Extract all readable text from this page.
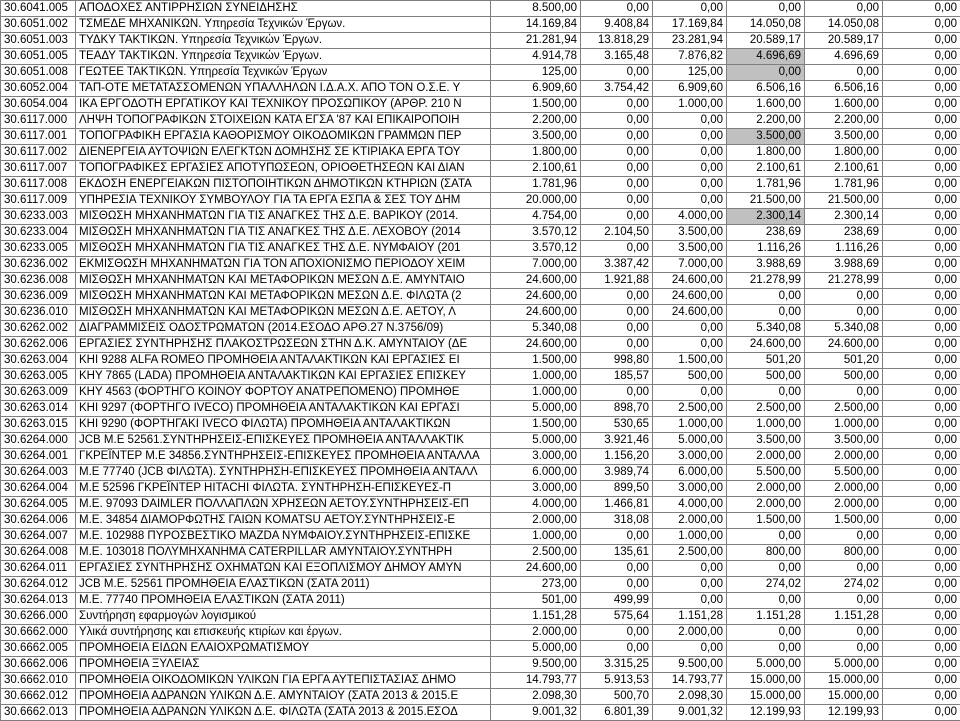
30.6041.005	ΑΠΟΔΟΧΕΣ ΑΝΤΙΡΡΗΣΙΩΝ ΣΥΝΕΙΔΗΣΗΣ	8.500,00	0,00	0,00	0,00	0,00	0,00
30.6051.002	ΤΣΜΕΔΕ ΜΗΧΑΝΙΚΩΝ. Υπηρεσία Τεχνικών Έργων.	14.169,84	9.408,84	17.169,84	14.050,08	14.050,08	0,00
30.6051.003	ΤΥΔΚΥ ΤΑΚΤΙΚΩΝ. Υπηρεσία Τεχνικών Έργων.	21.281,94	13.818,29	23.281,94	20.589,17	20.589,17	0,00
30.6051.005	ΤΕΑΔΥ ΤΑΚΤΙΚΩΝ. Υπηρεσία Τεχνικών Έργων.	4.914,78	3.165,48	7.876,82	4.696,69	4.696,69	0,00
30.6051.008	ΓΕΩΤΕΕ ΤΑΚΤΙΚΩΝ. Υπηρεσία Τεχνικών Έργων	125,00	0,00	125,00	0,00	0,00	0,00
30.6052.004	ΤΑΠ-ΟΤΕ ΜΕΤΑΤΑΣΣΟΜΕΝΩΝ ΥΠΑΛΛΗΛΩΝ Ι.Δ.Α.Χ. ΑΠΟ ΤΟΝ Ο.Σ.Ε. Υ	6.909,60	3.754,42	6.909,60	6.506,16	6.506,16	0,00
30.6054.004	ΙΚΑ ΕΡΓΟΔΟΤΗ ΕΡΓΑΤΙΚΟΥ ΚΑΙ ΤΕΧΝΙΚΟΥ ΠΡΟΣΩΠΙΚΟΥ (ΑΡΘΡ. 210 Ν	1.500,00	0,00	1.000,00	1.600,00	1.600,00	0,00
30.6117.000	ΛΗΨΗ ΤΟΠΟΓΡΑΦΙΚΩΝ ΣΤΟΙΧΕΙΩΝ ΚΑΤΑ ΕΓΣΑ '87 ΚΑΙ ΕΠΙΚΑΙΡΟΠΟΙΗ	2.200,00	0,00	0,00	2.200,00	2.200,00	0,00
30.6117.001	ΤΟΠΟΓΡΑΦΙΚΗ ΕΡΓΑΣΙΑ ΚΑΘΟΡΙΣΜΟΥ ΟΙΚΟΔΟΜΙΚΩΝ ΓΡΑΜΜΩΝ ΠΕΡ	3.500,00	0,00	0,00	3.500,00	3.500,00	0,00
30.6117.002	ΔΙΕΝΕΡΓΕΙΑ ΑΥΤΟΨΙΩΝ ΕΛΕΓΚΤΩΝ ΔΟΜΗΣΗΣ ΣΕ ΚΤΙΡΙΑΚΑ ΕΡΓΑ ΤΟΥ	1.800,00	0,00	0,00	1.800,00	1.800,00	0,00
30.6117.007	ΤΟΠΟΓΡΑΦΙΚΕΣ ΕΡΓΑΣΙΕΣ ΑΠΟΤΥΠΩΣΕΩΝ, ΟΡΙΟΘΕΤΗΣΕΩΝ ΚΑΙ ΔΙΑΝ	2.100,61	0,00	0,00	2.100,61	2.100,61	0,00
30.6117.008	ΕΚΔΟΣΗ ΕΝΕΡΓΕΙΑΚΩΝ ΠΙΣΤΟΠΟΙΗΤΙΚΩΝ ΔΗΜΟΤΙΚΩΝ ΚΤΗΡΙΩΝ (ΣΑΤΑ	1.781,96	0,00	0,00	1.781,96	1.781,96	0,00
30.6117.009	ΥΠΗΡΕΣΙΑ ΤΕΧΝΙΚΟΥ ΣΥΜΒΟΥΛΟΥ ΓΙΑ ΤΑ ΕΡΓΑ ΕΣΠΑ & ΣΕΣ ΤΟΥ ΔΗΜ	20.000,00	0,00	0,00	21.500,00	21.500,00	0,00
30.6233.003	ΜΙΣΘΩΣΗ ΜΗΧΑΝΗΜΑΤΩΝ ΓΙΑ ΤΙΣ ΑΝΑΓΚΕΣ ΤΗΣ Δ.Ε. ΒΑΡΙΚΟΥ (2014.	4.754,00	0,00	4.000,00	2.300,14	2.300,14	0,00
30.6233.004	ΜΙΣΘΩΣΗ ΜΗΧΑΝΗΜΑΤΩΝ ΓΙΑ ΤΙΣ ΑΝΑΓΚΕΣ ΤΗΣ Δ.Ε. ΛΕΧΟΒΟΥ (2014	3.570,12	2.104,50	3.500,00	238,69	238,69	0,00
30.6233.005	ΜΙΣΘΩΣΗ ΜΗΧΑΝΗΜΑΤΩΝ ΓΙΑ ΤΙΣ ΑΝΑΓΚΕΣ ΤΗΣ Δ.Ε. ΝΥΜΦΑΙΟΥ (201	3.570,12	0,00	3.500,00	1.116,26	1.116,26	0,00
30.6236.002	ΕΚΜΙΣΘΩΣΗ ΜΗΧΑΝΗΜΑΤΩΝ ΓΙΑ ΤΟΝ ΑΠΟΧΙΟΝΙΣΜΟ ΠΕΡΙΟΔΟΥ ΧΕΙΜ	7.000,00	3.387,42	7.000,00	3.988,69	3.988,69	0,00
30.6236.008	ΜΙΣΘΩΣΗ ΜΗΧΑΝΗΜΑΤΩΝ ΚΑΙ ΜΕΤΑΦΟΡΙΚΩΝ ΜΕΣΩΝ Δ.Ε. ΑΜΥΝΤΑΙΟ	24.600,00	1.921,88	24.600,00	21.278,99	21.278,99	0,00
30.6236.009	ΜΙΣΘΩΣΗ ΜΗΧΑΝΗΜΑΤΩΝ ΚΑΙ ΜΕΤΑΦΟΡΙΚΩΝ ΜΕΣΩΝ Δ.Ε. ΦΙΛΩΤΑ (2	24.600,00	0,00	24.600,00	0,00	0,00	0,00
30.6236.010	ΜΙΣΘΩΣΗ ΜΗΧΑΝΗΜΑΤΩΝ ΚΑΙ ΜΕΤΑΦΟΡΙΚΩΝ ΜΕΣΩΝ Δ.Ε. ΑΕΤΟΥ, Λ	24.600,00	0,00	24.600,00	0,00	0,00	0,00
30.6262.002	ΔΙΑΓΡΑΜΜΙΣΕΙΣ ΟΔΟΣΤΡΩΜΑΤΩΝ (2014.ΕΣΟΔΟ ΑΡΘ.27 Ν.3756/09)	5.340,08	0,00	0,00	5.340,08	5.340,08	0,00
30.6262.006	ΕΡΓΑΣΙΕΣ ΣΥΝΤΗΡΗΣΗΣ ΠΛΑΚΟΣΤΡΩΣΕΩΝ ΣΤΗΝ Δ.Κ. ΑΜΥΝΤΑΙΟΥ (ΔΕ	24.600,00	0,00	0,00	24.600,00	24.600,00	0,00
30.6263.004	ΚΗΙ 9288 ALFA ROMEO ΠΡΟΜΗΘΕΙΑ ΑΝΤΑΛΑΚΤΙΚΩΝ ΚΑΙ ΕΡΓΑΣΙΕΣ ΕΙ	1.500,00	998,80	1.500,00	501,20	501,20	0,00
30.6263.005	ΚΗΥ 7865 (LADA) ΠΡΟΜΗΘΕΙΑ ΑΝΤΑΛΑΚΤΙΚΩΝ ΚΑΙ ΕΡΓΑΣΙΕΣ ΕΠΙΣΚΕΥ	1.000,00	185,57	500,00	500,00	500,00	0,00
30.6263.009	ΚΗΥ 4563 (ΦΟΡΤΗΓΟ ΚΟΙΝΟΥ ΦΟΡΤΟΥ ΑΝΑΤΡΕΠΟΜΕΝΟ) ΠΡΟΜΗΘΕ	1.000,00	0,00	0,00	0,00	0,00	0,00
30.6263.014	ΚΗΙ 9297 (ΦΟΡΤΗΓΟ IVECO) ΠΡΟΜΗΘΕΙΑ ΑΝΤΑΛΑΚΤΙΚΩΝ ΚΑΙ ΕΡΓΑΣΙ	5.000,00	898,70	2.500,00	2.500,00	2.500,00	0,00
30.6263.015	ΚΗΙ 9290 (ΦΟΡΤΗΓΑΚΙ IVECO ΦΙΛΩΤΑ) ΠΡΟΜΗΘΕΙΑ ΑΝΤΑΛΑΚΤΙΚΩΝ	1.500,00	530,65	1.000,00	1.000,00	1.000,00	0,00
30.6264.000	JCB Μ.Ε 52561.ΣΥΝΤΗΡΗΣΕΙΣ-ΕΠΙΣΚΕΥΕΣ ΠΡΟΜΗΘΕΙΑ ΑΝΤΑΛΛΑΚΤΙΚ	5.000,00	3.921,46	5.000,00	3.500,00	3.500,00	0,00
30.6264.001	ΓΚΡΕΪΝΤΕΡ Μ.Ε 34856.ΣΥΝΤΗΡΗΣΕΙΣ-ΕΠΙΣΚΕΥΕΣ ΠΡΟΜΗΘΕΙΑ ΑΝΤΑΛΛΑ	3.000,00	1.156,20	3.000,00	2.000,00	2.000,00	0,00
30.6264.003	Μ.Ε 77740 (JCB ΦΙΛΩΤΑ). ΣΥΝΤΗΡΗΣΗ-ΕΠΙΣΚΕΥΕΣ ΠΡΟΜΗΘΕΙΑ ΑΝΤΑΛΛ	6.000,00	3.989,74	6.000,00	5.500,00	5.500,00	0,00
30.6264.004	Μ.Ε 52596 ΓΚΡΕΪΝΤΕΡ HITACHI ΦΙΛΩΤΑ. ΣΥΝΤΗΡΗΣΗ-ΕΠΙΣΚΕΥΕΣ-Π	3.000,00	899,50	3.000,00	2.000,00	2.000,00	0,00
30.6264.005	Μ.Ε. 97093 DAIMLER ΠΟΛΛΑΠΛΩΝ ΧΡΗΣΕΩΝ ΑΕΤΟΥ.ΣΥΝΤΗΡΗΣΕΙΣ-ΕΠ	4.000,00	1.466,81	4.000,00	2.000,00	2.000,00	0,00
30.6264.006	Μ.Ε. 34854 ΔΙΑΜΟΡΦΩΤΗΣ ΓΑΙΩΝ KOMATSU ΑΕΤΟΥ.ΣΥΝΤΗΡΗΣΕΙΣ-Ε	2.000,00	318,08	2.000,00	1.500,00	1.500,00	0,00
30.6264.007	Μ.Ε. 102988 ΠΥΡΟΣΒΕΣΤΙΚΟ MAZDA ΝΥΜΦΑΙΟΥ.ΣΥΝΤΗΡΗΣΕΙΣ-ΕΠΙΣΚΕ	1.000,00	0,00	1.000,00	0,00	0,00	0,00
30.6264.008	Μ.Ε. 103018 ΠΟΛΥΜΗΧΑΝΗΜΑ CATERPILLAR ΑΜΥΝΤΑΙΟΥ.ΣΥΝΤΗΡΗ	2.500,00	135,61	2.500,00	800,00	800,00	0,00
30.6264.011	ΕΡΓΑΣΙΕΣ ΣΥΝΤΗΡΗΣΗΣ ΟΧΗΜΑΤΩΝ ΚΑΙ ΕΞΟΠΛΙΣΜΟΥ ΔΗΜΟΥ ΑΜΥΝ	24.600,00	0,00	0,00	0,00	0,00	0,00
30.6264.012	JCB Μ.Ε. 52561 ΠΡΟΜΗΘΕΙΑ ΕΛΑΣΤΙΚΩΝ (ΣΑΤΑ 2011)	273,00	0,00	0,00	274,02	274,02	0,00
30.6264.013	Μ.Ε. 77740 ΠΡΟΜΗΘΕΙΑ ΕΛΑΣΤΙΚΩΝ (ΣΑΤΑ 2011)	501,00	499,99	0,00	0,00	0,00	0,00
30.6266.000	Συντήρηση εφαρμογών λογισμικού	1.151,28	575,64	1.151,28	1.151,28	1.151,28	0,00
30.6662.000	Υλικά συντήρησης και επισκευής κτιρίων και έργων.	2.000,00	0,00	2.000,00	0,00	0,00	0,00
30.6662.005	ΠΡΟΜΗΘΕΙΑ ΕΙΔΩΝ ΕΛΑΙΟΧΡΩΜΑΤΙΣΜΟΥ	5.000,00	0,00	0,00	0,00	0,00	0,00
30.6662.006	ΠΡΟΜΗΘΕΙΑ ΞΥΛΕΙΑΣ	9.500,00	3.315,25	9.500,00	5.000,00	5.000,00	0,00
30.6662.010	ΠΡΟΜΗΘΕΙΑ ΟΙΚΟΔΟΜΙΚΩΝ ΥΛΙΚΩΝ ΓΙΑ ΕΡΓΑ ΑΥΤΕΠΙΣΤΑΣΙΑΣ ΔΗΜΟ	14.793,77	5.913,53	14.793,77	15.000,00	15.000,00	0,00
30.6662.012	ΠΡΟΜΗΘΕΙΑ ΑΔΡΑΝΩΝ ΥΛΙΚΩΝ Δ.Ε. ΑΜΥΝΤΑΙΟΥ (ΣΑΤΑ 2013 & 2015.Ε	2.098,30	500,70	2.098,30	15.000,00	15.000,00	0,00
30.6662.013	ΠΡΟΜΗΘΕΙΑ ΑΔΡΑΝΩΝ ΥΛΙΚΩΝ Δ.Ε. ΦΙΛΩΤΑ (ΣΑΤΑ 2013 & 2015.ΕΣΟΔ	9.001,32	6.801,39	9.001,32	12.199,93	12.199,93	0,00
